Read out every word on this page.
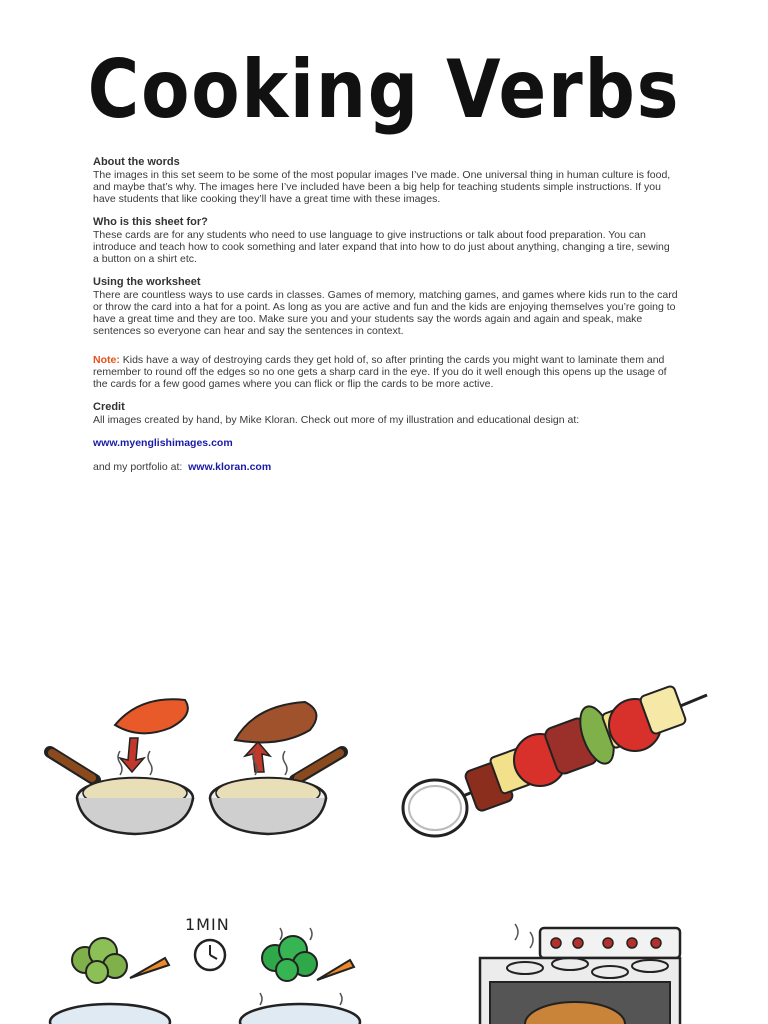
Cooking Verbs
About the words

The images in this set seem to be some of the most popular images I’ve made. One universal thing in human culture is food, and maybe that’s why. The images here I’ve included have been a big help for teaching students simple instructions. If you have students that like cooking they’ll have a great time with these images.

Who is this sheet for?

These cards are for any students who need to use language to give instructions or talk about food preparation. You can introduce and teach how to cook something and later expand that into how to do just about anything, changing a tire, sewing a button on a shirt etc.

Using the worksheet

There are countless ways to use cards in classes. Games of memory, matching games, and games where kids run to the card or throw the card into a hat for a point. As long as you are active and fun and the kids are enjoying themselves you’re going to have a great time and they are too. Make sure you and your students say the words again and again and speak, make sentences so everyone can hear and say the sentences in context.

Note: Kids have a way of destroying cards they get hold of, so after printing the cards you might want to laminate them and remember to round off the edges so no one gets a sharp card in the eye. If you do it well enough this opens up the usage of the cards for a few good games where you can flick or flip the cards to be more active.

Credit

All images created by hand, by Mike Kloran. Check out more of my illustration and educational design at:

www.myenglishimages.com

and my portfolio at: www.kloran.com

1MIN
